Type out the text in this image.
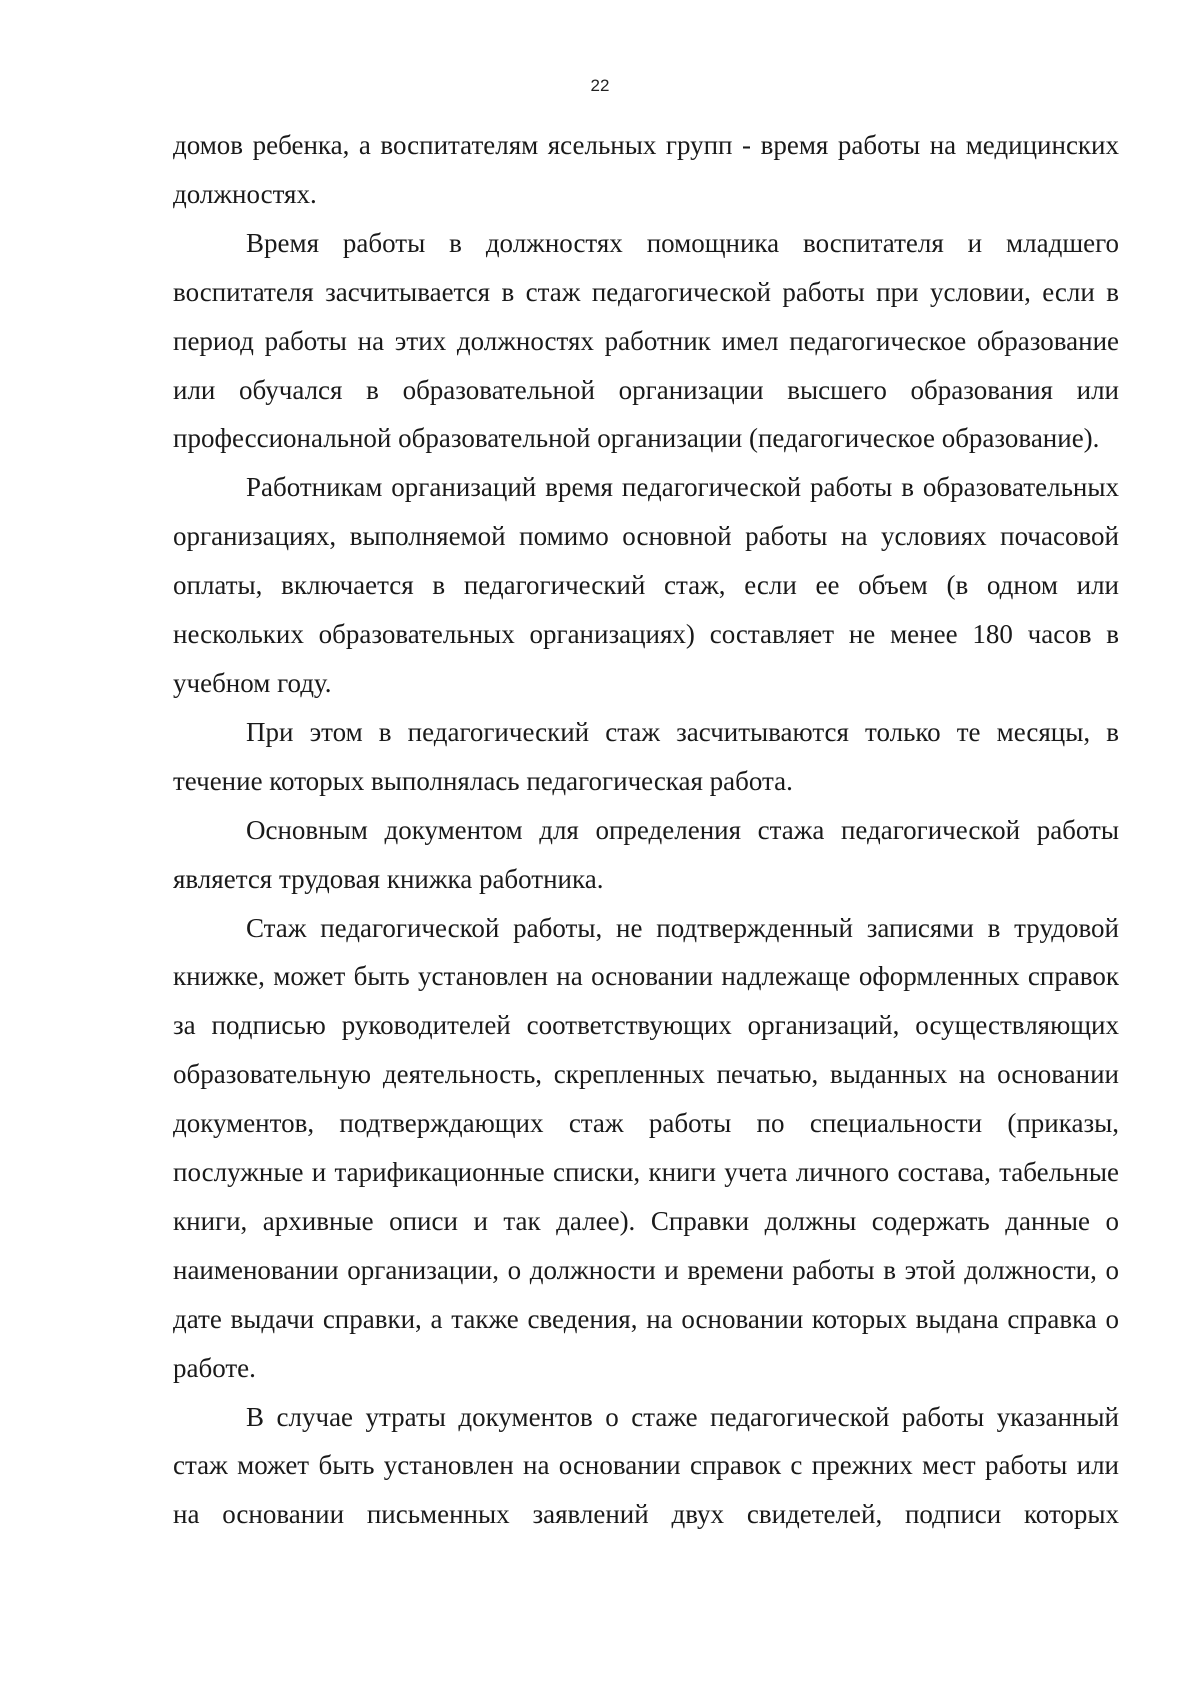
22

домов ребенка, а воспитателям ясельных групп - время работы на медицинских должностях.

Время работы в должностях помощника воспитателя и младшего воспитателя засчитывается в стаж педагогической работы при условии, если в период работы на этих должностях работник имел педагогическое образование или обучался в образовательной организации высшего образования или профессиональной образовательной организации (педагогическое образование).

Работникам организаций время педагогической работы в образовательных организациях, выполняемой помимо основной работы на условиях почасовой оплаты, включается в педагогический стаж, если ее объем (в одном или нескольких образовательных организациях) составляет не менее 180 часов в учебном году.

При этом в педагогический стаж засчитываются только те месяцы, в течение которых выполнялась педагогическая работа.

Основным документом для определения стажа педагогической работы является трудовая книжка работника.

Стаж педагогической работы, не подтвержденный записями в трудовой книжке, может быть установлен на основании надлежаще оформленных справок за подписью руководителей соответствующих организаций, осуществляющих образовательную деятельность, скрепленных печатью, выданных на основании документов, подтверждающих стаж работы по специальности (приказы, послужные и тарификационные списки, книги учета личного состава, табельные книги, архивные описи и так далее). Справки должны содержать данные о наименовании организации, о должности и времени работы в этой должности, о дате выдачи справки, а также сведения, на основании которых выдана справка о работе.

В случае утраты документов о стаже педагогической работы указанный стаж может быть установлен на основании справок с прежних мест работы или на основании письменных заявлений двух свидетелей, подписи которых
